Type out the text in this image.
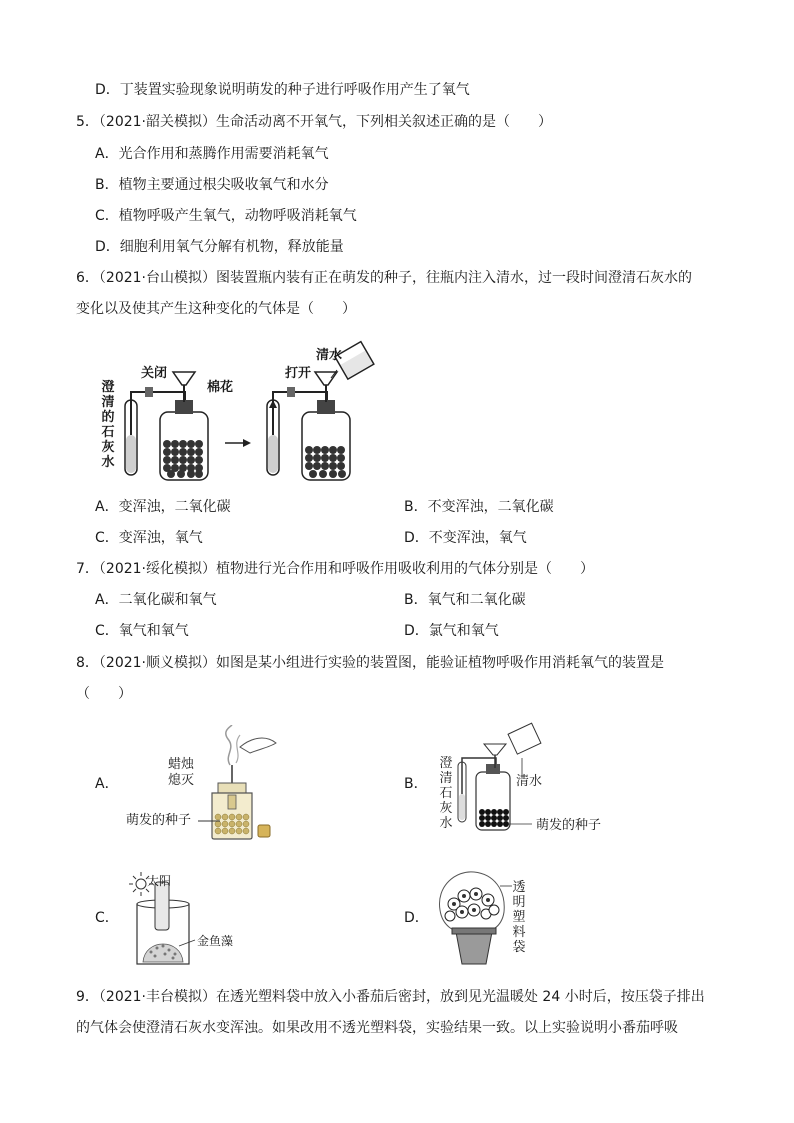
D．丁装置实验现象说明萌发的种子进行呼吸作用产生了氧气
5．（2021·韶关模拟）生命活动离不开氧气，下列相关叙述正确的是（　　）
A．光合作用和蒸腾作用需要消耗氧气
B．植物主要通过根尖吸收氧气和水分
C．植物呼吸产生氧气，动物呼吸消耗氧气
D．细胞利用氧气分解有机物，释放能量
6．（2021·台山模拟）图装置瓶内装有正在萌发的种子，往瓶内注入清水，过一段时间澄清石灰水的
变化以及使其产生这种变化的气体是（　　）
澄
清
的
石
灰
水
关闭
棉花
打开
清水
A．变浑浊，二氧化碳	B．不变浑浊，二氧化碳
C．变浑浊，氧气	D．不变浑浊，氧气
7．（2021·绥化模拟）植物进行光合作用和呼吸作用吸收利用的气体分别是（　　）
A．二氧化碳和氧气	B．氧气和二氧化碳
C．氧气和氧气	D．氯气和氧气
8．（2021·顺义模拟）如图是某小组进行实验的装置图，能验证植物呼吸作用消耗氧气的装置是
（　　）
A．
蜡烛
熄灭
萌发的种子
B．
澄
清
石
灰
水
清水
萌发的种子
C．
太阳
金鱼藻
D．
透
明
塑
料
袋
9．（2021·丰台模拟）在透光塑料袋中放入小番茄后密封，放到见光温暖处 24 小时后，按压袋子排出
的气体会使澄清石灰水变浑浊。如果改用不透光塑料袋，实验结果一致。以上实验说明小番茄呼吸
